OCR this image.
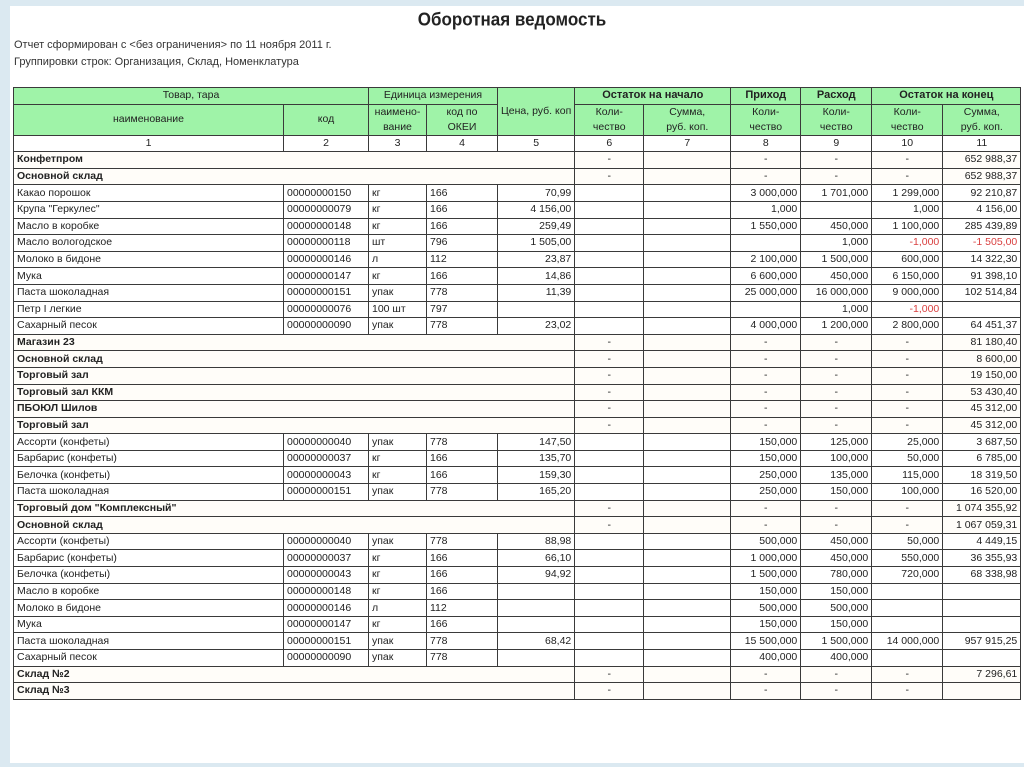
Оборотная ведомость
Отчет сформирован с <без ограничения> по 11 ноября 2011 г.
Группировки строк: Организация, Склад, Номенклатура
Товар, тара		Единица измерения		Цена, руб. коп	Остаток на начало		Приход	Расход	Остаток на конец	
наименование	код	наимено-вание	код по ОКЕИ		Коли-чество	Сумма, руб. коп.	Коли-чество	Коли-чество	Коли-чество	Сумма, руб. коп.
1	2	3	4	5	6	7	8	9	10	11
Конфетпром					-		-	-	-	652 988,37
Основной склад					-		-	-	-	652 988,37
Какао порошок	00000000150	кг	166	70,99			3 000,000	1 701,000	1 299,000	92 210,87
Крупа "Геркулес"	00000000079	кг	166	4 156,00			1,000		1,000	4 156,00
Масло в коробке	00000000148	кг	166	259,49			1 550,000	450,000	1 100,000	285 439,89
Масло вологодское	00000000118	шт	796	1 505,00				1,000	-1,000	-1 505,00
Молоко в бидоне	00000000146	л	112	23,87			2 100,000	1 500,000	600,000	14 322,30
Мука	00000000147	кг	166	14,86			6 600,000	450,000	6 150,000	91 398,10
Паста шоколадная	00000000151	упак	778	11,39			25 000,000	16 000,000	9 000,000	102 514,84
Петр I легкие	00000000076	100 шт	797					1,000	-1,000	
Сахарный песок	00000000090	упак	778	23,02			4 000,000	1 200,000	2 800,000	64 451,37
Магазин 23					-		-	-	-	81 180,40
Основной склад					-		-	-	-	8 600,00
Торговый зал					-		-	-	-	19 150,00
Торговый зал ККМ					-		-	-	-	53 430,40
ПБОЮЛ Шилов					-		-	-	-	45 312,00
Торговый зал					-		-	-	-	45 312,00
Ассорти (конфеты)	00000000040	упак	778	147,50			150,000	125,000	25,000	3 687,50
Барбарис (конфеты)	00000000037	кг	166	135,70			150,000	100,000	50,000	6 785,00
Белочка (конфеты)	00000000043	кг	166	159,30			250,000	135,000	115,000	18 319,50
Паста шоколадная	00000000151	упак	778	165,20			250,000	150,000	100,000	16 520,00
Торговый дом "Комплексный"					-		-	-	-	1 074 355,92
Основной склад					-		-	-	-	1 067 059,31
Ассорти (конфеты)	00000000040	упак	778	88,98			500,000	450,000	50,000	4 449,15
Барбарис (конфеты)	00000000037	кг	166	66,10			1 000,000	450,000	550,000	36 355,93
Белочка (конфеты)	00000000043	кг	166	94,92			1 500,000	780,000	720,000	68 338,98
Масло в коробке	00000000148	кг	166				150,000	150,000		
Молоко в бидоне	00000000146	л	112				500,000	500,000		
Мука	00000000147	кг	166				150,000	150,000		
Паста шоколадная	00000000151	упак	778	68,42			15 500,000	1 500,000	14 000,000	957 915,25
Сахарный песок	00000000090	упак	778				400,000	400,000		
Склад №2					-		-	-	-	7 296,61
Склад №3					-		-	-	-	
